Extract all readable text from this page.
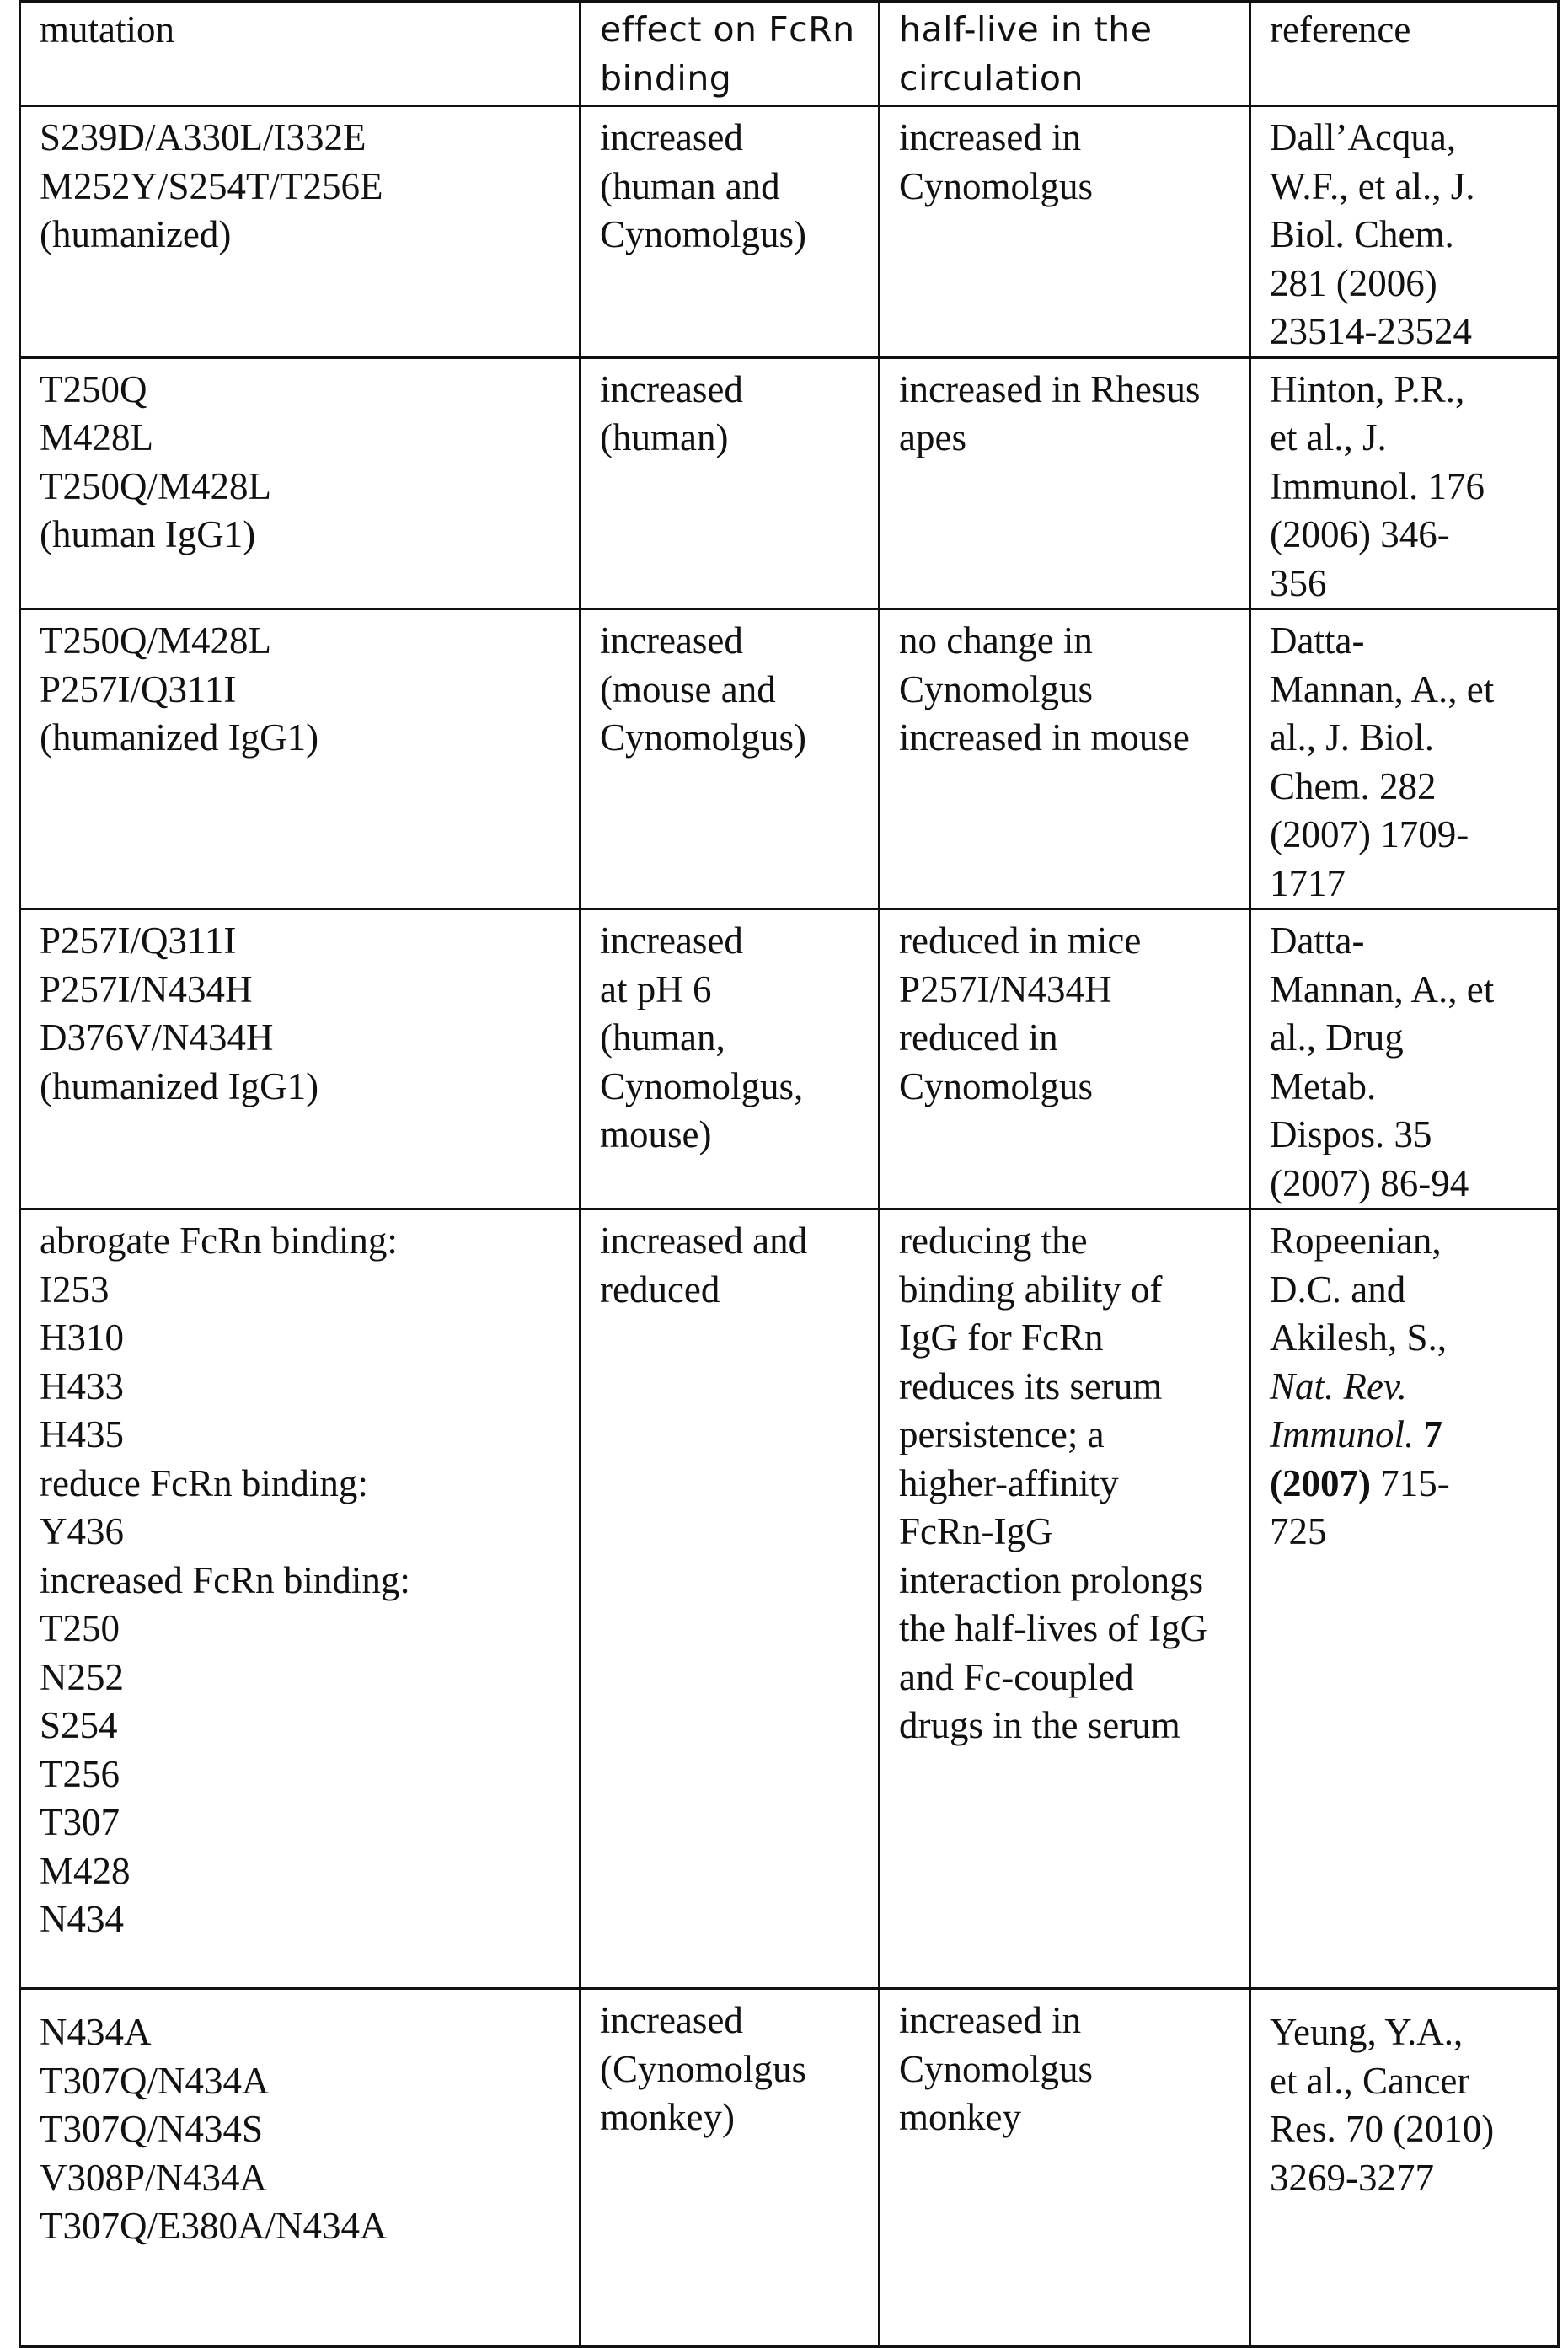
mutation	effect on FcRn binding

half-live in the circulation

reference

S239D/A330L/I332E
M252Y/S254T/T256E
(humanized)

increased
(human and
Cynomolgus)

increased in
Cynomolgus

Dall’Acqua,
W.F., et al., J.
Biol. Chem.
281 (2006)
23514-23524

T250Q
M428L
T250Q/M428L
(human IgG1)

increased
(human)

increased in Rhesus
apes

Hinton, P.R.,
et al., J.
Immunol. 176
(2006) 346-
356

T250Q/M428L
P257I/Q311I
(humanized IgG1)

increased
(mouse and
Cynomolgus)

no change in
Cynomolgus
increased in mouse

Datta-
Mannan, A., et
al., J. Biol.
Chem. 282
(2007) 1709-
1717

P257I/Q311I
P257I/N434H
D376V/N434H
(humanized IgG1)

increased
at pH 6
(human,
Cynomolgus,
mouse)

reduced in mice
P257I/N434H
reduced in
Cynomolgus

Datta-
Mannan, A., et
al., Drug
Metab.
Dispos. 35
(2007) 86-94

abrogate FcRn binding:
I253
H310
H433
H435
reduce FcRn binding:
Y436
increased FcRn binding:
T250
N252
S254
T256
T307
M428
N434

increased and
reduced

reducing the
binding ability of
IgG for FcRn
reduces its serum
persistence; a
higher-affinity
FcRn-IgG
interaction prolongs
the half-lives of IgG
and Fc-coupled
drugs in the serum

Ropeenian,
D.C. and
Akilesh, S.,
Nat. Rev.
Immunol. 7
(2007) 715-
725

N434A
T307Q/N434A
T307Q/N434S
V308P/N434A
T307Q/E380A/N434A

increased
(Cynomolgus
monkey)

increased in
Cynomolgus
monkey

Yeung, Y.A.,
et al., Cancer
Res. 70 (2010)
3269-3277
